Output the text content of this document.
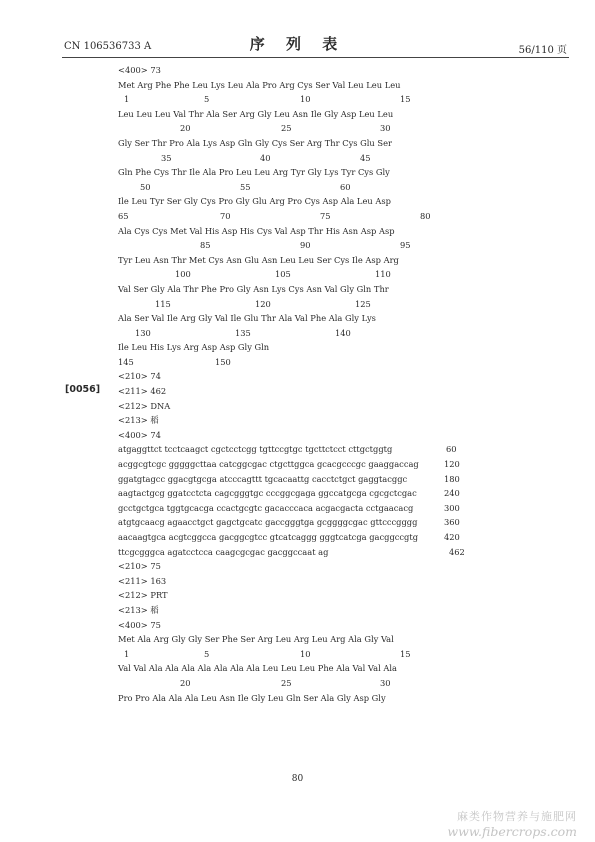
CN 106536733 A	序 列 表	56/110 页
[0056]
<400> 73
Met Arg Phe Phe Leu Lys Leu Ala Pro Arg Cys Ser Val Leu Leu Leu
1	5	10	15
Leu Leu Leu Val Thr Ala Ser Arg Gly Leu Asn Ile Gly Asp Leu Leu
20	25	30
Gly Ser Thr Pro Ala Lys Asp Gln Gly Cys Ser Arg Thr Cys Glu Ser
35	40	45
Gln Phe Cys Thr Ile Ala Pro Leu Leu Arg Tyr Gly Lys Tyr Cys Gly
50	55	60
Ile Leu Tyr Ser Gly Cys Pro Gly Glu Arg Pro Cys Asp Ala Leu Asp
65	70	75	80
Ala Cys Cys Met Val His Asp His Cys Val Asp Thr His Asn Asp Asp
85	90	95
Tyr Leu Asn Thr Met Cys Asn Glu Asn Leu Leu Ser Cys Ile Asp Arg
100	105	110
Val Ser Gly Ala Thr Phe Pro Gly Asn Lys Cys Asn Val Gly Gln Thr
115	120	125
Ala Ser Val Ile Arg Gly Val Ile Glu Thr Ala Val Phe Ala Gly Lys
130	135	140
Ile Leu His Lys Arg Asp Asp Gly Gln
145	150
<210> 74
<211> 462
<212> DNA
<213> 稻
<400> 74
atgaggttct tcctcaagct cgctcctcgg tgttccgtgc tgcttctcct cttgctggtg	60
acggcgtcgc gggggcttaa catcggcgac ctgcttggca gcacgcccgc gaaggaccag	120
ggatgtagcc ggacgtgcga atcccagttt tgcacaattg cacctctgct gaggtacggc	180
aagtactgcg ggatcctcta cagcgggtgc cccggcgaga ggccatgcga cgcgctcgac	240
gcctgctgca tggtgcacga ccactgcgtc gacacccaca acgacgacta cctgaacacg	300
atgtgcaacg agaacctgct gagctgcatc gaccgggtga gcggggcgac gttcccgggg	360
aacaagtgca acgtcggcca gacggcgtcc gtcatcaggg gggtcatcga gacggccgtg	420
ttcgcgggca agatcctcca caagcgcgac gacggccaat ag	462
<210> 75
<211> 163
<212> PRT
<213> 稻
<400> 75
Met Ala Arg Gly Gly Ser Phe Ser Arg Leu Arg Leu Arg Ala Gly Val
1	5	10	15
Val Val Ala Ala Ala Ala Ala Ala Ala Leu Leu Leu Phe Ala Val Val Ala
20	25	30
Pro Pro Ala Ala Ala Leu Asn Ile Gly Leu Gln Ser Ala Gly Asp Gly
80
麻类作物营养与施肥网
www.fibercrops.com
